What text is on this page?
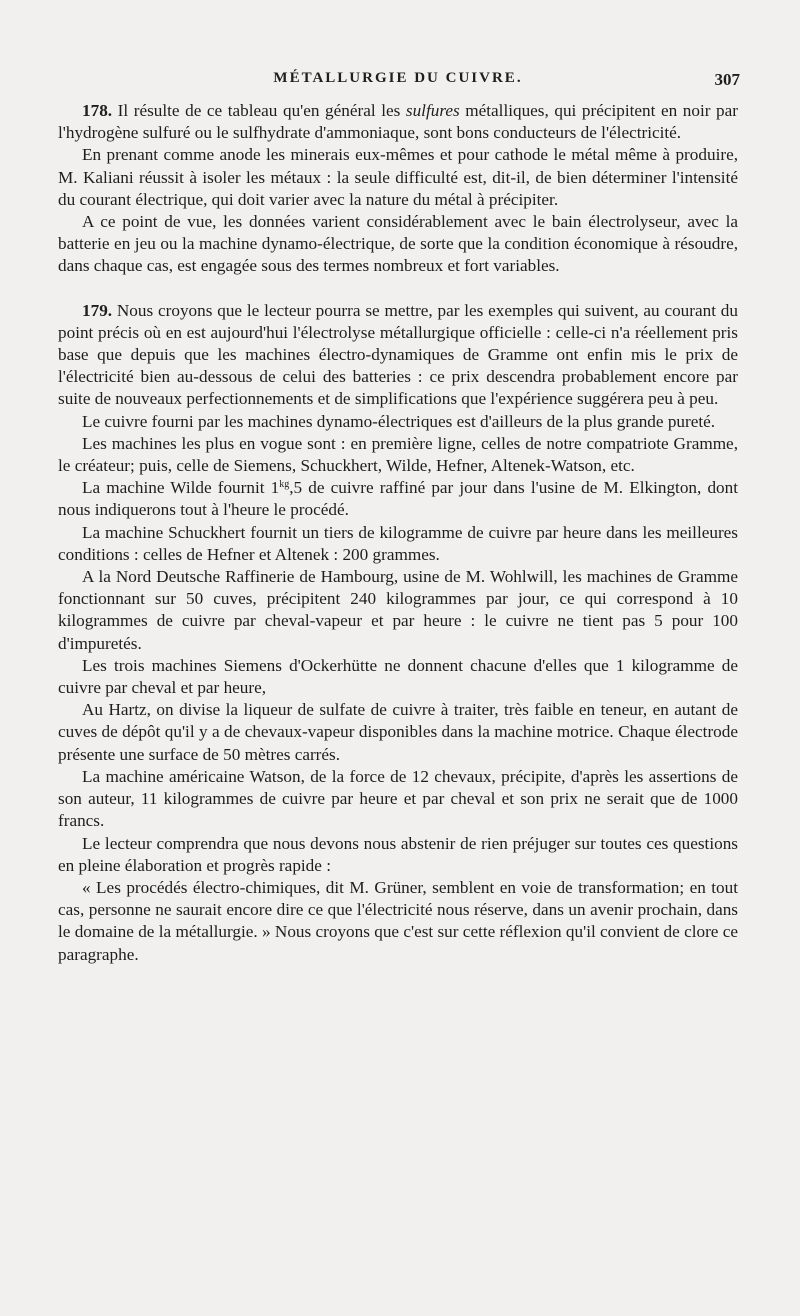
MÉTALLURGIE DU CUIVRE.	307

178. Il résulte de ce tableau qu'en général les sulfures métalliques, qui précipitent en noir par l'hydrogène sulfuré ou le sulfhydrate d'ammoniaque, sont bons conducteurs de l'électricité.

En prenant comme anode les minerais eux-mêmes et pour cathode le métal même à produire, M. Kaliani réussit à isoler les métaux : la seule difficulté est, dit-il, de bien déterminer l'intensité du courant électrique, qui doit varier avec la nature du métal à précipiter.

A ce point de vue, les données varient considérablement avec le bain électrolyseur, avec la batterie en jeu ou la machine dynamo-électrique, de sorte que la condition économique à résoudre, dans chaque cas, est engagée sous des termes nombreux et fort variables.

179. Nous croyons que le lecteur pourra se mettre, par les exemples qui suivent, au courant du point précis où en est aujourd'hui l'électrolyse métallurgique officielle : celle-ci n'a réellement pris base que depuis que les machines électro-dynamiques de Gramme ont enfin mis le prix de l'électricité bien au-dessous de celui des batteries : ce prix descendra probablement encore par suite de nouveaux perfectionnements et de simplifications que l'expérience suggérera peu à peu.

Le cuivre fourni par les machines dynamo-électriques est d'ailleurs de la plus grande pureté.

Les machines les plus en vogue sont : en première ligne, celles de notre compatriote Gramme, le créateur; puis, celle de Siemens, Schuckhert, Wilde, Hefner, Altenek-Watson, etc.

La machine Wilde fournit $1^{kg},5$ de cuivre raffiné par jour dans l'usine de M. Elkington, dont nous indiquerons tout à l'heure le procédé.

La machine Schuckhert fournit un tiers de kilogramme de cuivre par heure dans les meilleures conditions : celles de Hefner et Altenek : 200 grammes.

A la Nord Deutsche Raffinerie de Hambourg, usine de M. Wohlwill, les machines de Gramme fonctionnant sur 50 cuves, précipitent 240 kilogrammes par jour, ce qui correspond à 10 kilogrammes de cuivre par cheval-vapeur et par heure : le cuivre ne tient pas 5 pour 100 d'impuretés.

Les trois machines Siemens d'Ockerhütte ne donnent chacune d'elles que 1 kilogramme de cuivre par cheval et par heure,

Au Hartz, on divise la liqueur de sulfate de cuivre à traiter, très faible en teneur, en autant de cuves de dépôt qu'il y a de chevaux-vapeur disponibles dans la machine motrice. Chaque électrode présente une surface de 50 mètres carrés.

La machine américaine Watson, de la force de 12 chevaux, précipite, d'après les assertions de son auteur, 11 kilogrammes de cuivre par heure et par cheval et son prix ne serait que de 1000 francs.

Le lecteur comprendra que nous devons nous abstenir de rien préjuger sur toutes ces questions en pleine élaboration et progrès rapide :

« Les procédés électro-chimiques, dit M. Grüner, semblent en voie de transformation; en tout cas, personne ne saurait encore dire ce que l'électricité nous réserve, dans un avenir prochain, dans le domaine de la métallurgie. » Nous croyons que c'est sur cette réflexion qu'il convient de clore ce paragraphe.
